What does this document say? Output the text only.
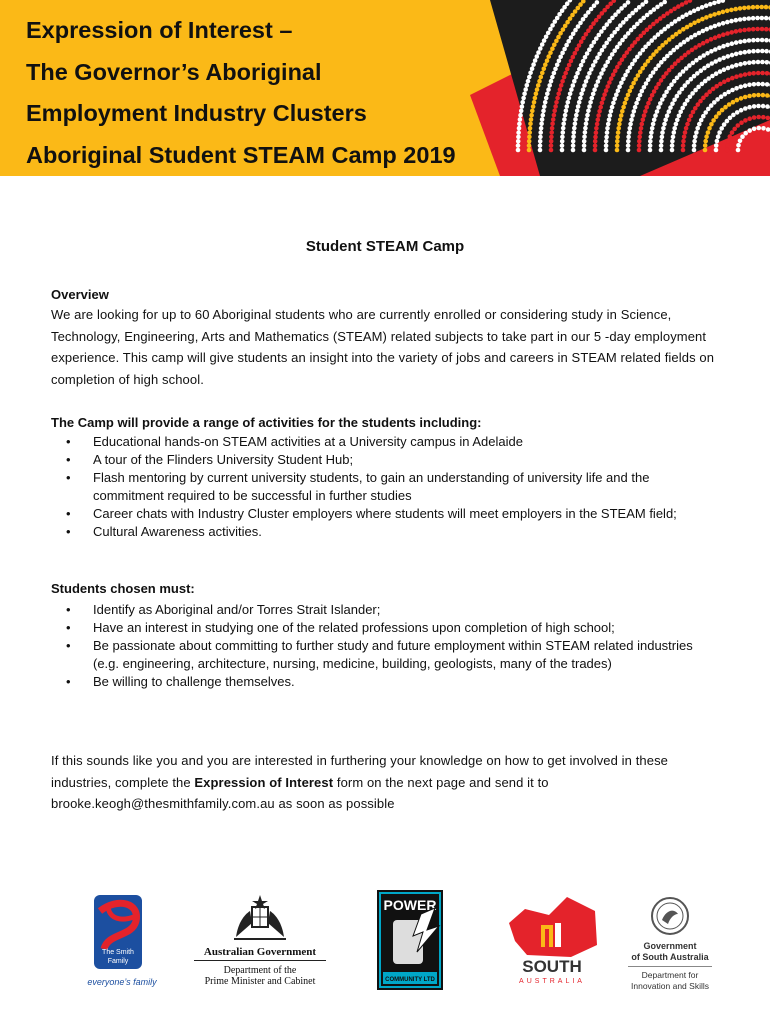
Expression of Interest –
The Governor’s Aboriginal
Employment Industry Clusters
Aboriginal Student STEAM Camp 2019
Student STEAM Camp

Overview

We are looking for up to 60 Aboriginal students who are currently enrolled or considering study in Science, Technology, Engineering, Arts and Mathematics (STEAM) related subjects to take part in our 5 -day employment experience. This camp will give students an insight into the variety of jobs and careers in STEAM related fields on completion of high school.

The Camp will provide a range of activities for the students including:

• Educational hands-on STEAM activities at a University campus in Adelaide
• A tour of the Flinders University Student Hub;
• Flash mentoring by current university students, to gain an understanding of university life and the commitment required to be successful in further studies
• Career chats with Industry Cluster employers where students will meet employers in the STEAM field;
• Cultural Awareness activities.

Students chosen must:

• Identify as Aboriginal and/or Torres Strait Islander;
• Have an interest in studying one of the related professions upon completion of high school;
• Be passionate about committing to further study and future employment within STEAM related industries (e.g. engineering, architecture, nursing, medicine, building, geologists, many of the trades)
• Be willing to challenge themselves.

If this sounds like you and you are interested in furthering your knowledge on how to get involved in these industries, complete the Expression of Interest form on the next page and send it to brooke.keogh@thesmithfamily.com.au as soon as possible

The Smith
Family
everyone’s family
Australian Government
Department of the
Prime Minister and Cabinet
POWER
COMMUNITY LTD
SOUTH
AUSTRALIA
Government
of South Australia
Department for
Innovation and Skills
